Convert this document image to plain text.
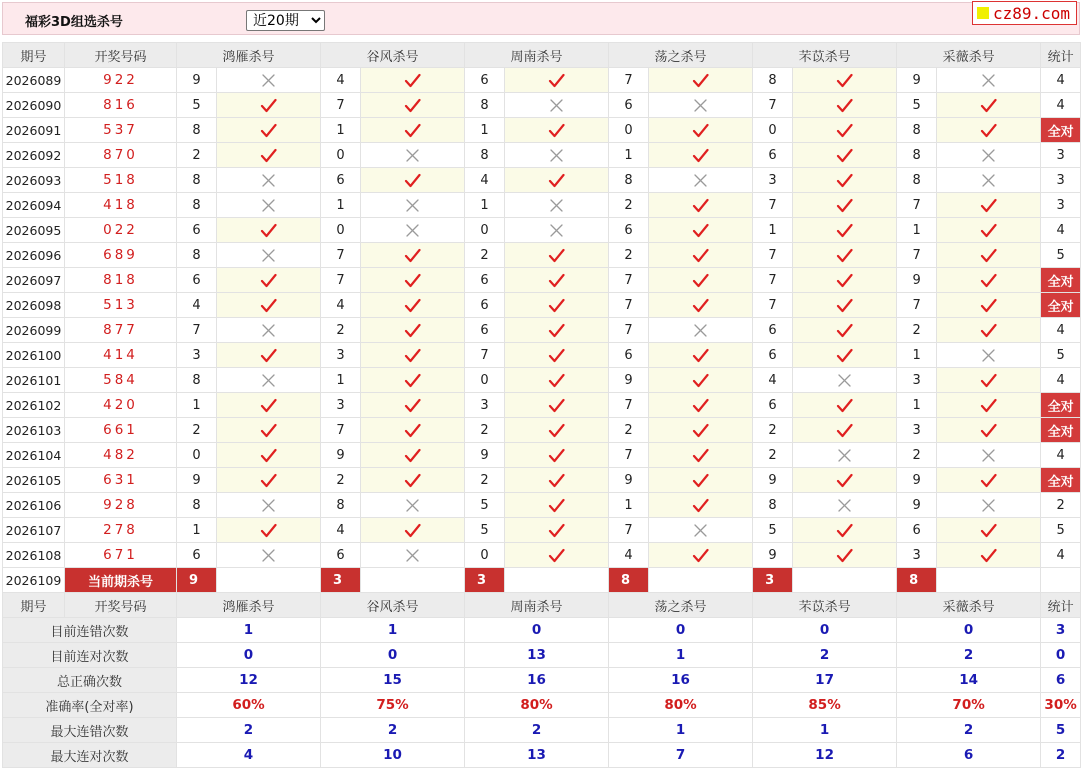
福彩3D组选杀号
近20期	cz89.com
期号	开奖号码	鸿雁杀号		谷风杀号		周南杀号		荡之杀号		芣苡杀号		采薇杀号		统计
2026089	922	9		4		6		7		8		9		4
2026090	816	5		7		8		6		7		5		4
2026091	537	8		1		1		0		0		8		全对
2026092	870	2		0		8		1		6		8		3
2026093	518	8		6		4		8		3		8		3
2026094	418	8		1		1		2		7		7		3
2026095	022	6		0		0		6		1		1		4
2026096	689	8		7		2		2		7		7		5
2026097	818	6		7		6		7		7		9		全对
2026098	513	4		4		6		7		7		7		全对
2026099	877	7		2		6		7		6		2		4
2026100	414	3		3		7		6		6		1		5
2026101	584	8		1		0		9		4		3		4
2026102	420	1		3		3		7		6		1		全对
2026103	661	2		7		2		2		2		3		全对
2026104	482	0		9		9		7		2		2		4
2026105	631	9		2		2		9		9		9		全对
2026106	928	8		8		5		1		8		9		2
2026107	278	1		4		5		7		5		6		5
2026108	671	6		6		0		4		9		3		4
2026109	当前期杀号	9		3		3		8		3		8		
期号	开奖号码	鸿雁杀号		谷风杀号		周南杀号		荡之杀号		芣苡杀号		采薇杀号		统计
目前连错次数		1		1		0		0		0		0		3
目前连对次数		0		0		13		1		2		2		0
总正确次数		12		15		16		16		17		14		6
准确率(全对率)		60%		75%		80%		80%		85%		70%		30%
最大连错次数		2		2		2		1		1		2		5
最大连对次数		4		10		13		7		12		6		2
